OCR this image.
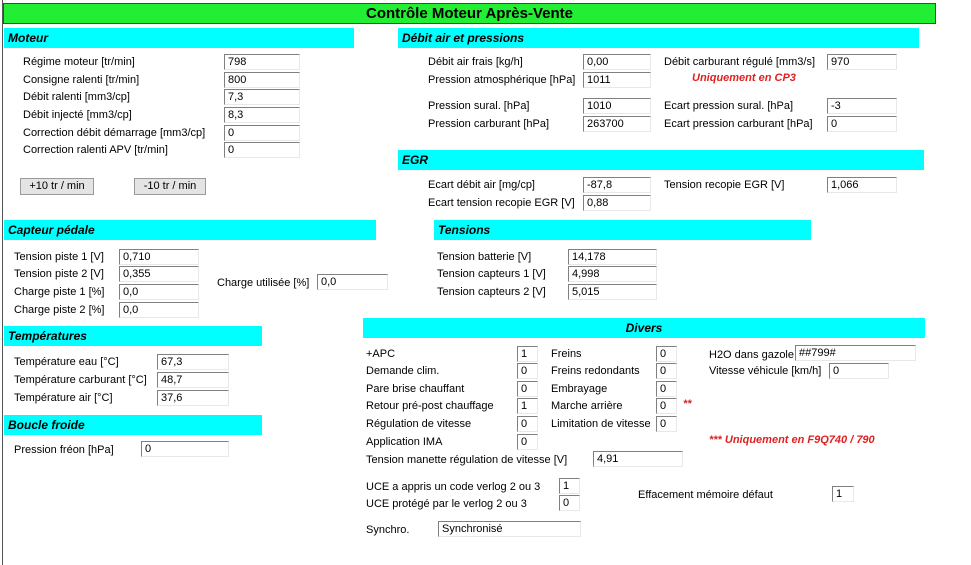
Contrôle Moteur Après-Vente
Moteur
Régime moteur [tr/min]	798
Consigne ralenti [tr/min]	800
Débit ralenti [mm3/cp]	7,3
Débit injecté [mm3/cp]	8,3
Correction débit démarrage [mm3/cp]	0
Correction ralenti APV [tr/min]	0
+10 tr / min	-10 tr / min
Débit air et pressions
Débit air frais [kg/h]	0,00
Pression atmosphérique [hPa]	1011
Pression sural. [hPa]	1010
Pression carburant [hPa]	263700
Débit carburant régulé [mm3/s]	970
Uniquement en CP3
Ecart pression sural. [hPa]	-3
Ecart pression carburant [hPa]	0
EGR
Ecart débit air [mg/cp]	-87,8
Ecart tension recopie EGR [V]	0,88
Tension recopie EGR [V]	1,066
Capteur pédale
Tension piste 1 [V]	0,710
Tension piste 2 [V]	0,355
Charge piste 1 [%]	0,0
Charge piste 2 [%]	0,0
Charge utilisée [%]	0,0
Tensions
Tension batterie [V]	14,178
Tension capteurs 1 [V]	4,998
Tension capteurs 2 [V]	5,015
Températures
Température eau [°C]	67,3
Température carburant [°C]	48,7
Température air [°C]	37,6
Boucle froide
Pression fréon [hPa]	0
Divers
+APC	1
Demande clim.	0
Pare brise chauffant	0
Retour pré-post chauffage	1
Régulation de vitesse	0
Application IMA	0
Freins	0
Freins redondants	0
Embrayage	0
Marche arrière	0	**
Limitation de vitesse 0
H2O dans gazole ##799#
Vitesse véhicule [km/h]	0
*** Uniquement en F9Q740 / 790
Tension manette régulation de vitesse [V]	4,91
UCE a appris un code verlog 2 ou 3	1
UCE protégé par le verlog 2 ou 3	0
Effacement mémoire défaut	1
Synchro.	Synchronisé
